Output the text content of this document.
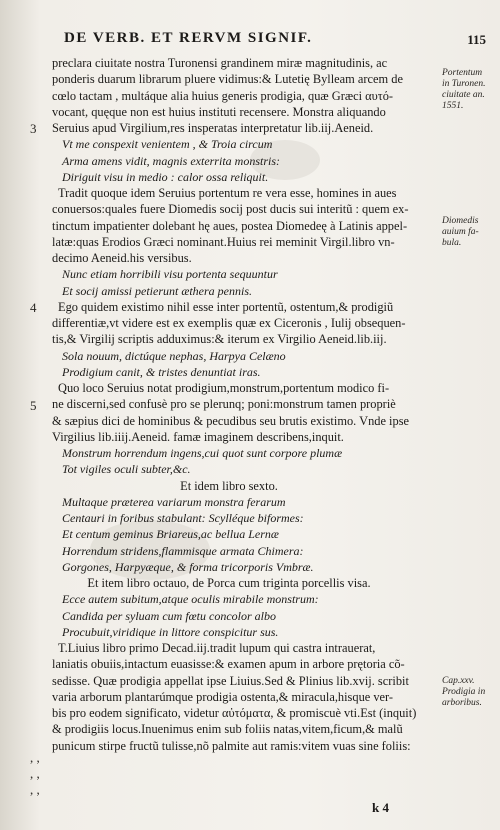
DE VERB. ET RERVM SIGNIF.	115
preclara ciuitate nostra Turonensi grandinem miræ magnitudinis, ac
ponderis duarum librarum pluere vidimus:& Lutetię Bylleam arcem de
cœlo tactam , multáque alia huius generis prodigia, quæ Græci αυτό-
vocant, quęque non est huius instituti recensere. Monstra aliquando
Seruius apud Virgilium,res insperatas interpretatur lib.iij.Aeneid.
Vt me conspexit venientem , & Troia circum
Arma amens vidit, magnis exterrita monstris:
Diriguit visu in medio : calor ossa reliquit.
Tradit quoque idem Seruius portentum re vera esse, homines in aues
conuersos:quales fuere Diomedis socij post ducis sui interitũ : quem ex-
tinctum impatienter dolebant hę aues, postea Diomedeę à Latinis appel-
latæ:quas Erodios Græci nominant.Huius rei meminit Virgil.libro vn-
decimo Aeneid.his versibus.
Nunc etiam horribili visu portenta sequuntur
Et socij amissi petierunt æthera pennis.
Ego quidem existimo nihil esse inter portentũ, ostentum,& prodigiũ
differentiæ,vt videre est ex exemplis quæ ex Ciceronis , Iulij obsequen-
tis,& Virgilij scriptis adduximus:& iterum ex Virgilio Aeneid.lib.iij.
Sola nouum, dictúque nephas, Harpya Celæno
Prodigium canit, & tristes denuntiat iras.
Quo loco Seruius notat prodigium,monstrum,portentum modico fi-
ne discerni,sed confusè pro se plerunq; poni:monstrum tamen propriè
& sæpius dici de hominibus & pecudibus seu brutis existimo. Vnde ipse
Virgilius lib.iiij.Aeneid. famæ imaginem describens,inquit.
Monstrum horrendum ingens,cui quot sunt corpore plumæ
Tot vigiles oculi subter,&c.
Et idem libro sexto.
Multaque præterea variarum monstra ferarum
Centauri in foribus stabulant: Scylléque biformes:
Et centum geminus Briareus,ac bellua Lernæ
Horrendum stridens,flammisque armata Chimera:
Gorgones, Harpyæque, & forma tricorporis Vmbræ.
Et item libro octauo, de Porca cum triginta porcellis visa.
Ecce autem subitum,atque oculis mirabile monstrum:
Candida per syluam cum fœtu concolor albo
Procubuit,viridique in littore conspicitur sus.
T.Liuius libro primo Decad.iij.tradit lupum qui castra intrauerat,
laniatis obuiis,intactum euasisse:& examen apum in arbore prętoria cõ-
sedisse. Quæ prodigia appellat ipse Liuius.Sed & Plinius lib.xvij. scribit
varia arborum plantarúmque prodigia ostenta,& miracula,hisque ver-
bis pro eodem significato, videtur αὐτόματα, & promiscuè vti.Est (inquit)
& prodigiis locus.Inuenimus enim sub foliis natas,vitem,ficum,& malũ
punicum stirpe fructũ tulisse,nõ palmite aut ramis:vitem vuas sine foliis:
Portentum
in Turonen.
ciuitate an.
1551.
Diomedis
auium fa-
bula.
Cap.xxv.
Prodigia in
arboribus.
3
4
5
, ,
, ,
, ,
k 4
